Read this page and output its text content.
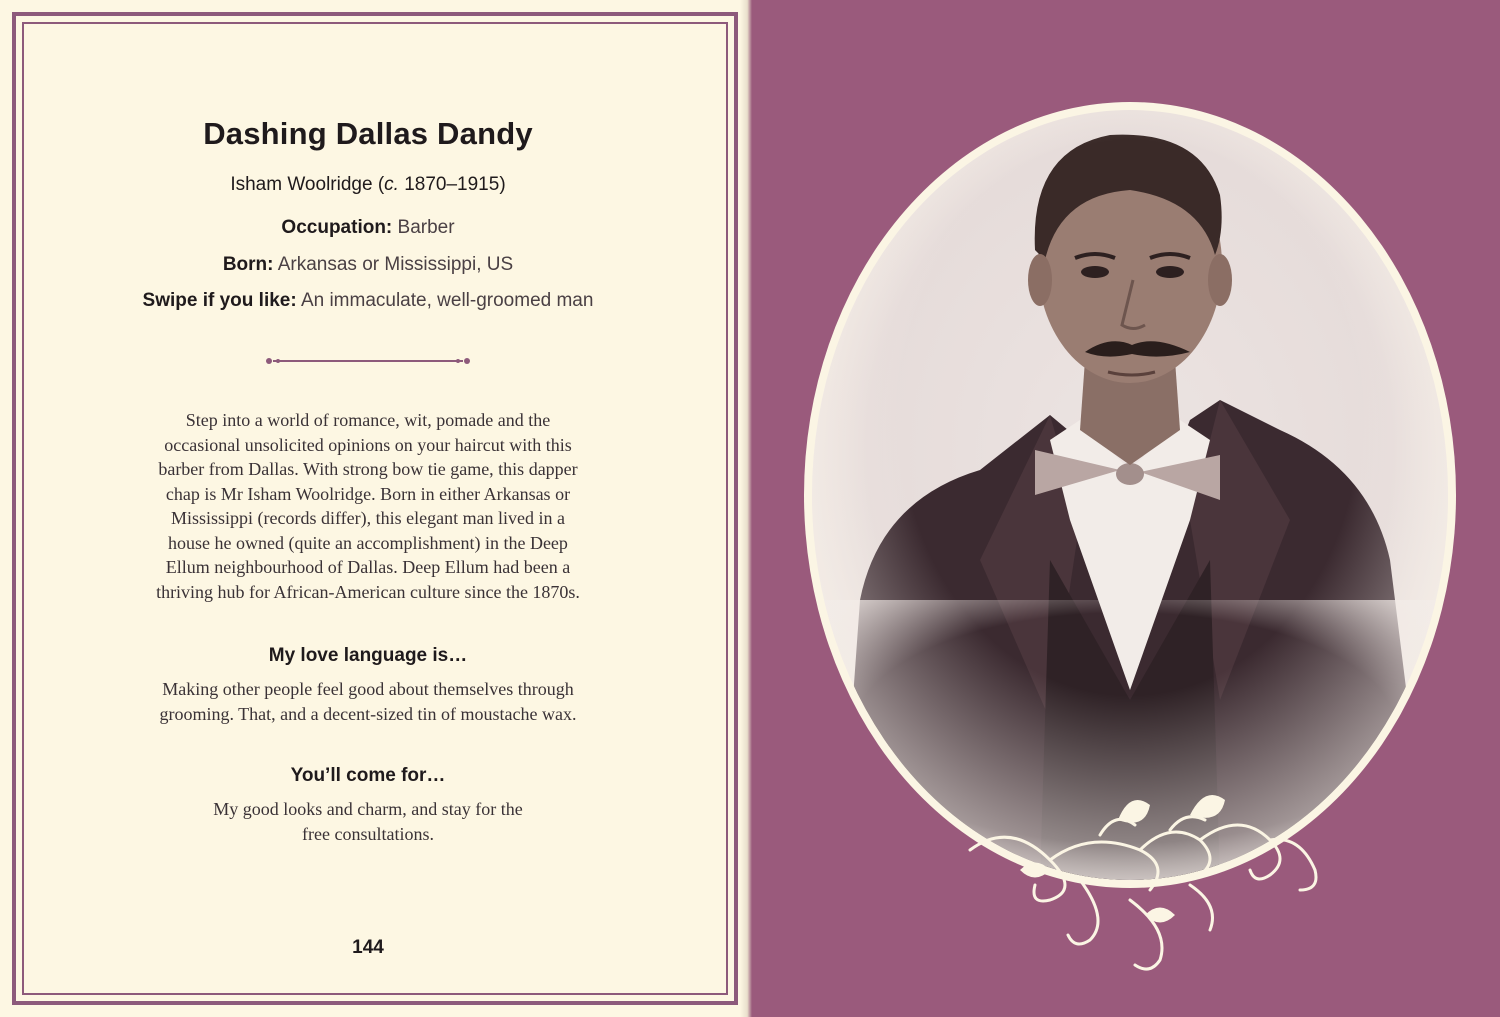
Dashing Dallas Dandy
Isham Woolridge (c. 1870–1915)
Occupation: Barber
Born: Arkansas or Mississippi, US
Swipe if you like: An immaculate, well-groomed man
Step into a world of romance, wit, pomade and the
occasional unsolicited opinions on your haircut with this
barber from Dallas. With strong bow tie game, this dapper
chap is Mr Isham Woolridge. Born in either Arkansas or
Mississippi (records differ), this elegant man lived in a
house he owned (quite an accomplishment) in the Deep
Ellum neighbourhood of Dallas. Deep Ellum had been a
thriving hub for African-American culture since the 1870s.
My love language is…
Making other people feel good about themselves through
grooming. That, and a decent-sized tin of moustache wax.
You’ll come for…
My good looks and charm, and stay for the
free consultations.
144
